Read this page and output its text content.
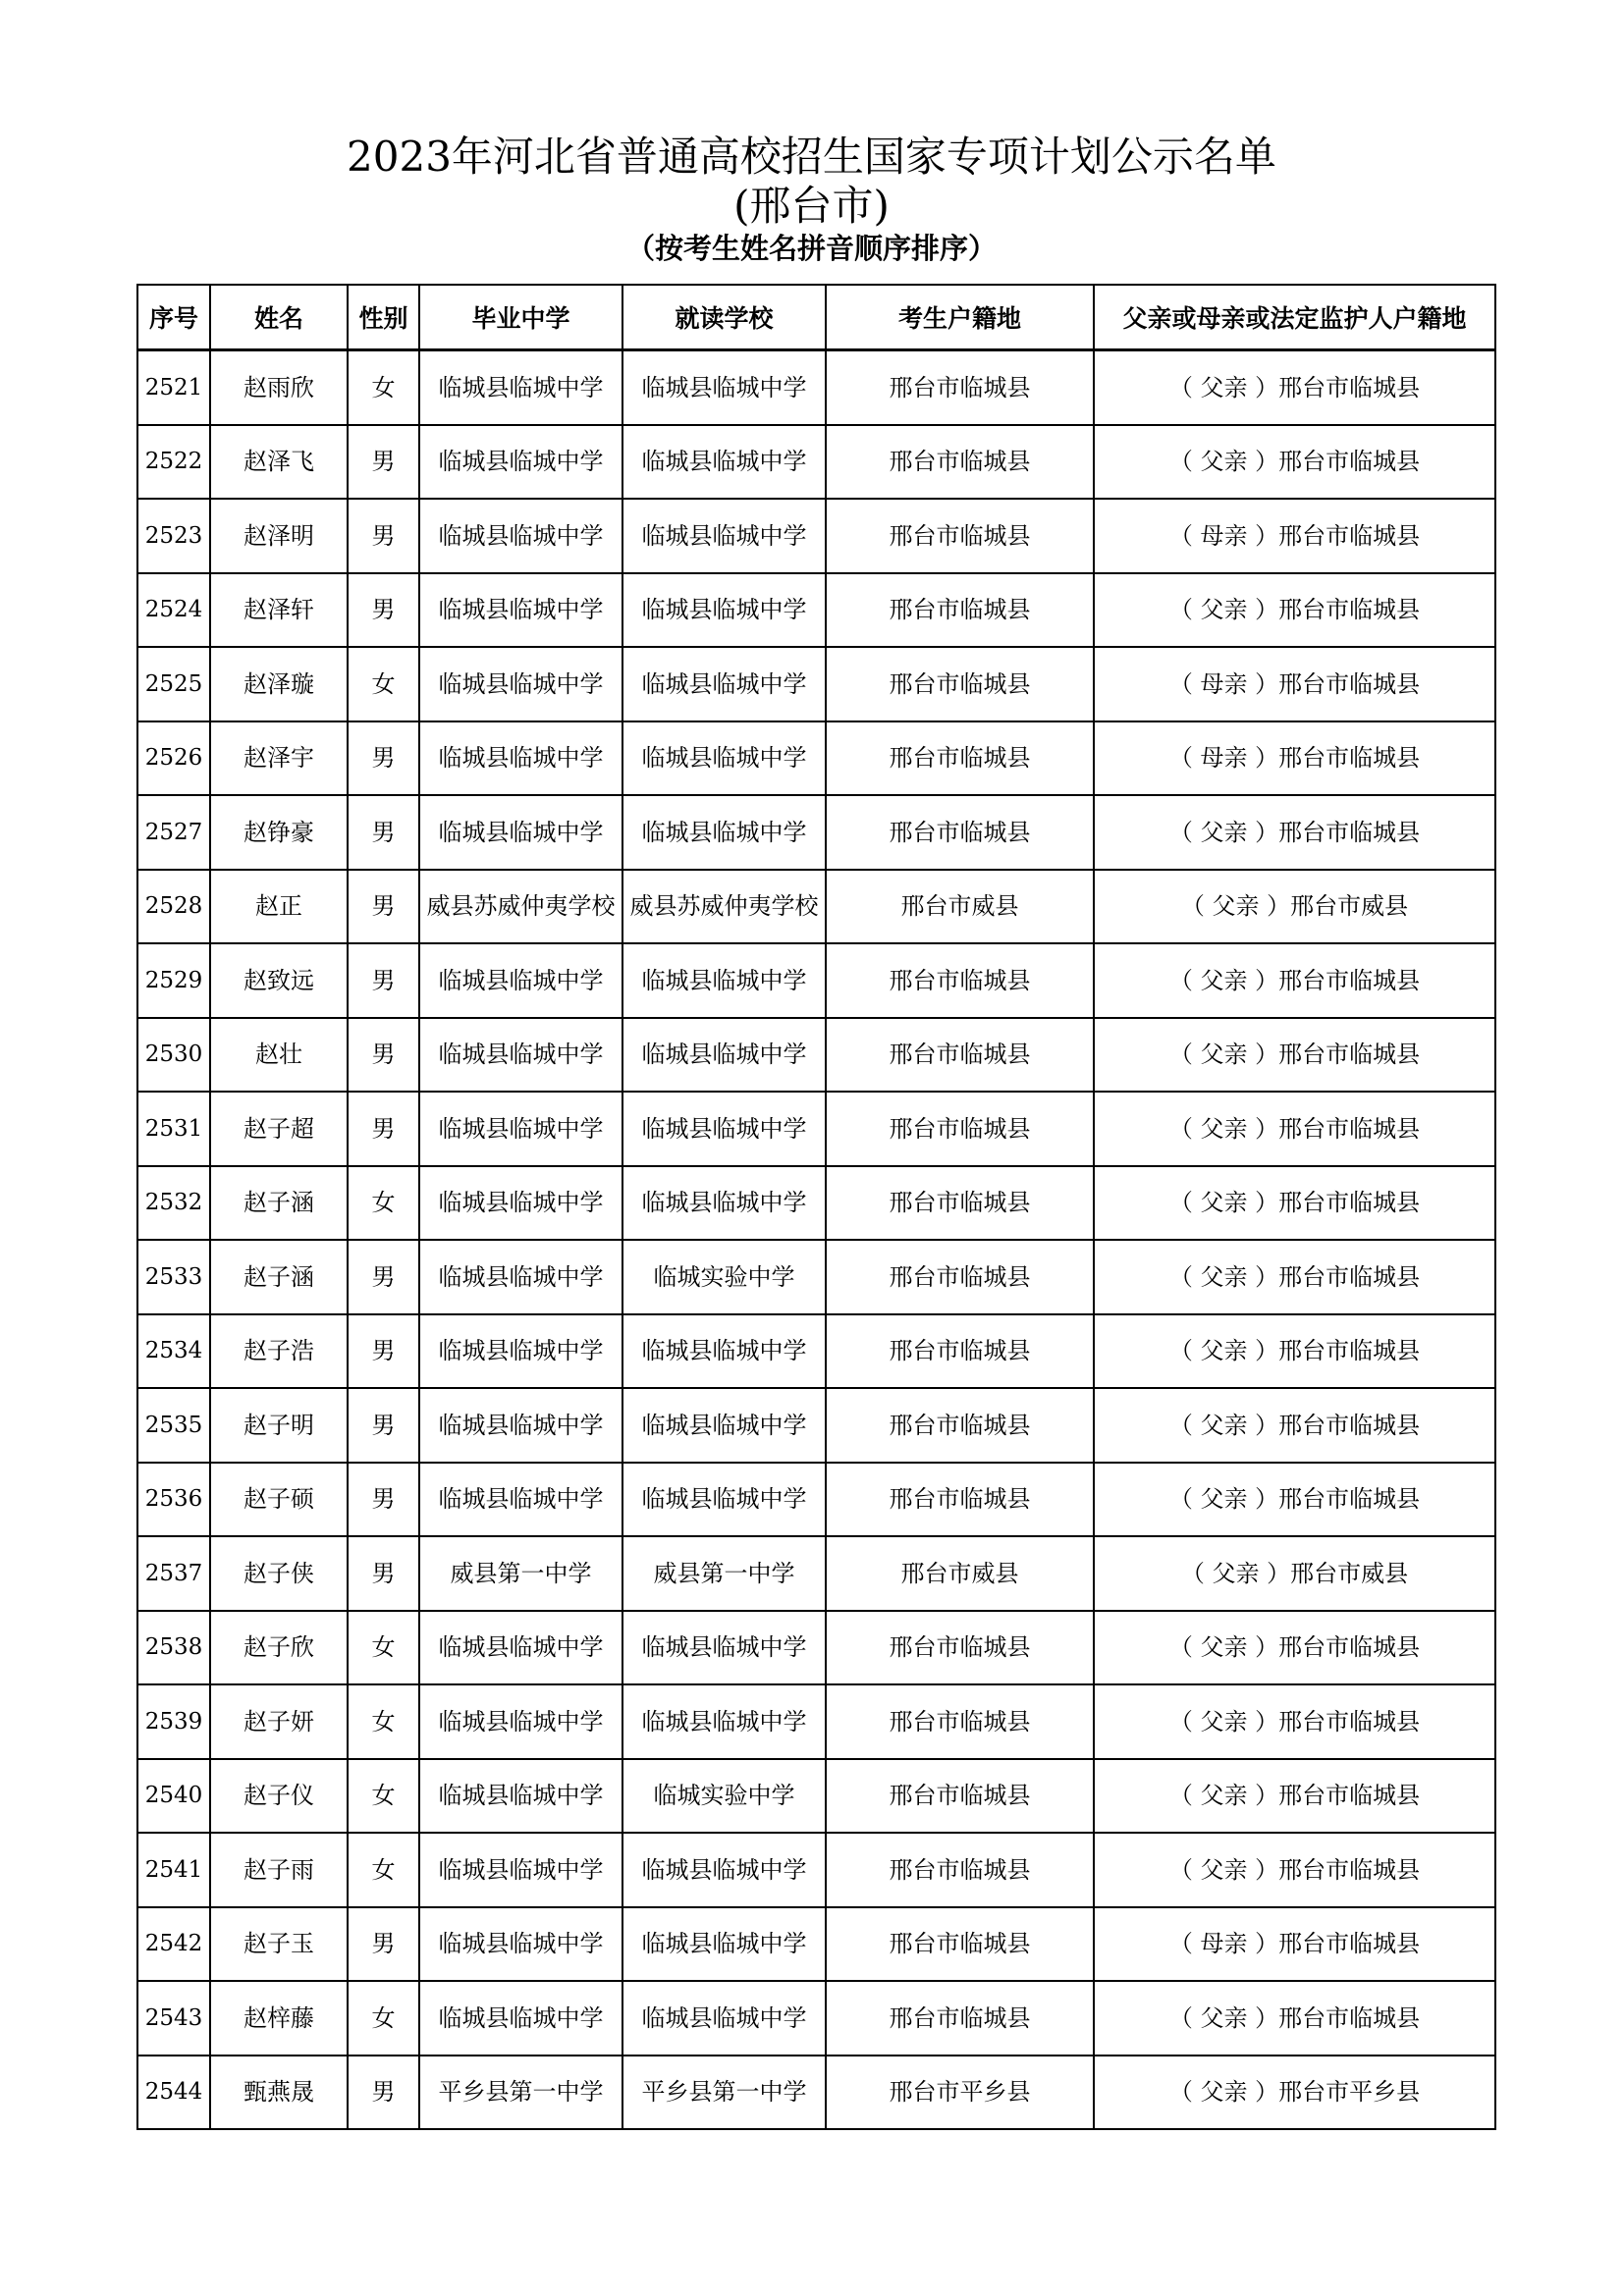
2023年河北省普通高校招生国家专项计划公示名单
(邢台市)
（按考生姓名拼音顺序排序）
序号	姓名	性别	毕业中学	就读学校	考生户籍地	父亲或母亲或法定监护人户籍地
2521	赵雨欣	女	临城县临城中学	临城县临城中学	邢台市临城县	（ 父亲 ）邢台市临城县
2522	赵泽飞	男	临城县临城中学	临城县临城中学	邢台市临城县	（ 父亲 ）邢台市临城县
2523	赵泽明	男	临城县临城中学	临城县临城中学	邢台市临城县	（ 母亲 ）邢台市临城县
2524	赵泽轩	男	临城县临城中学	临城县临城中学	邢台市临城县	（ 父亲 ）邢台市临城县
2525	赵泽璇	女	临城县临城中学	临城县临城中学	邢台市临城县	（ 母亲 ）邢台市临城县
2526	赵泽宇	男	临城县临城中学	临城县临城中学	邢台市临城县	（ 母亲 ）邢台市临城县
2527	赵铮豪	男	临城县临城中学	临城县临城中学	邢台市临城县	（ 父亲 ）邢台市临城县
2528	赵正	男	威县苏威仲夷学校	威县苏威仲夷学校	邢台市威县	（ 父亲 ）邢台市威县
2529	赵致远	男	临城县临城中学	临城县临城中学	邢台市临城县	（ 父亲 ）邢台市临城县
2530	赵壮	男	临城县临城中学	临城县临城中学	邢台市临城县	（ 父亲 ）邢台市临城县
2531	赵子超	男	临城县临城中学	临城县临城中学	邢台市临城县	（ 父亲 ）邢台市临城县
2532	赵子涵	女	临城县临城中学	临城县临城中学	邢台市临城县	（ 父亲 ）邢台市临城县
2533	赵子涵	男	临城县临城中学	临城实验中学	邢台市临城县	（ 父亲 ）邢台市临城县
2534	赵子浩	男	临城县临城中学	临城县临城中学	邢台市临城县	（ 父亲 ）邢台市临城县
2535	赵子明	男	临城县临城中学	临城县临城中学	邢台市临城县	（ 父亲 ）邢台市临城县
2536	赵子硕	男	临城县临城中学	临城县临城中学	邢台市临城县	（ 父亲 ）邢台市临城县
2537	赵子侠	男	威县第一中学	威县第一中学	邢台市威县	（ 父亲 ）邢台市威县
2538	赵子欣	女	临城县临城中学	临城县临城中学	邢台市临城县	（ 父亲 ）邢台市临城县
2539	赵子妍	女	临城县临城中学	临城县临城中学	邢台市临城县	（ 父亲 ）邢台市临城县
2540	赵子仪	女	临城县临城中学	临城实验中学	邢台市临城县	（ 父亲 ）邢台市临城县
2541	赵子雨	女	临城县临城中学	临城县临城中学	邢台市临城县	（ 父亲 ）邢台市临城县
2542	赵子玉	男	临城县临城中学	临城县临城中学	邢台市临城县	（ 母亲 ）邢台市临城县
2543	赵梓藤	女	临城县临城中学	临城县临城中学	邢台市临城县	（ 父亲 ）邢台市临城县
2544	甄燕晟	男	平乡县第一中学	平乡县第一中学	邢台市平乡县	（ 父亲 ）邢台市平乡县
